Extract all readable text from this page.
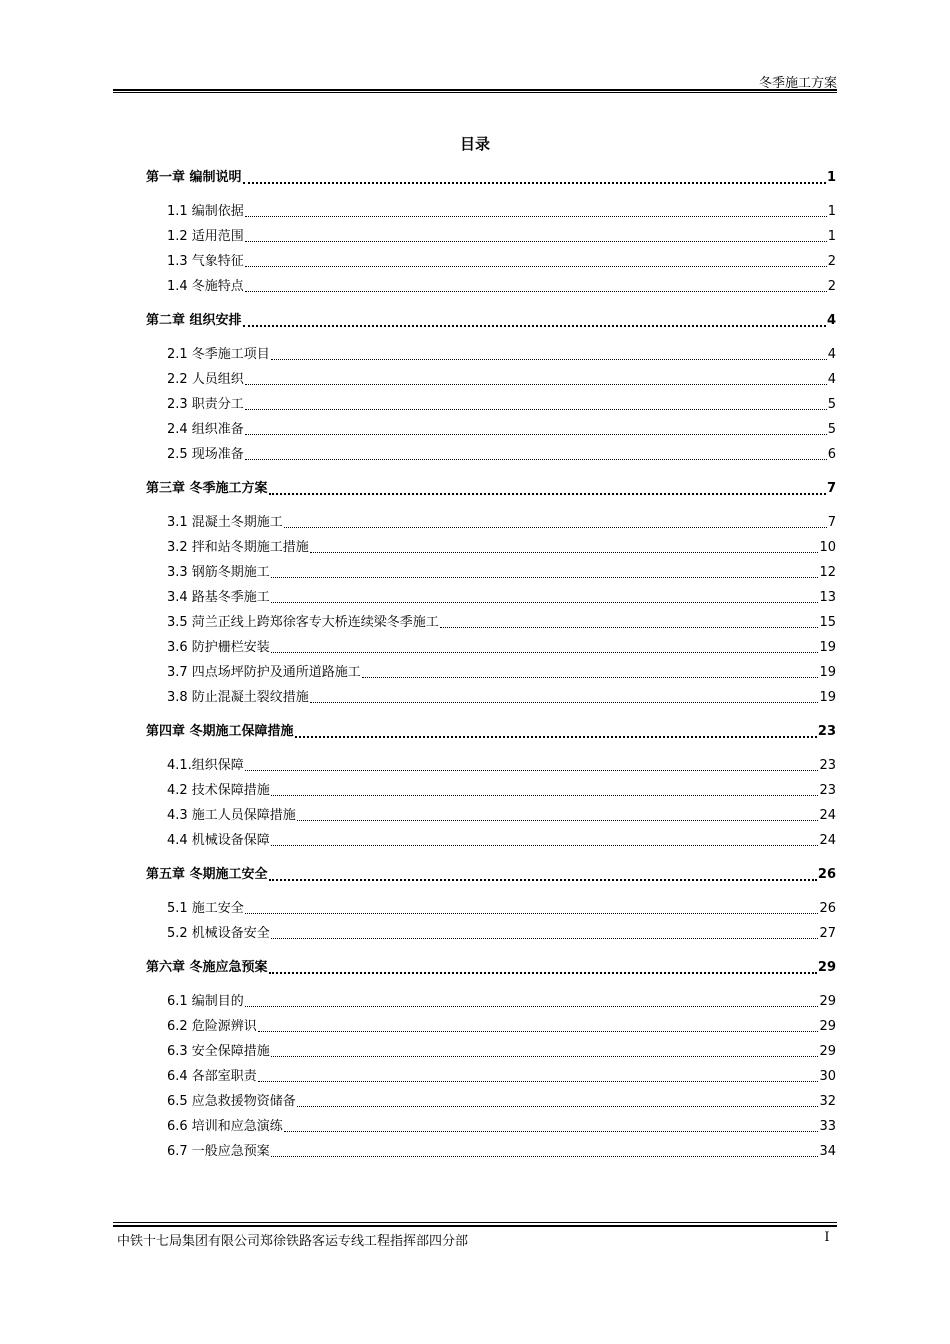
冬季施工方案
目录
第一章 编制说明	1
1.1 编制依据	1
1.2 适用范围	1
1.3 气象特征	2
1.4 冬施特点	2
第二章 组织安排	4
2.1 冬季施工项目	4
2.2 人员组织	4
2.3 职责分工	5
2.4 组织准备	5
2.5 现场准备	6
第三章 冬季施工方案	7
3.1 混凝土冬期施工	7
3.2 拌和站冬期施工措施	10
3.3 钢筋冬期施工	12
3.4 路基冬季施工	13
3.5 菏兰正线上跨郑徐客专大桥连续梁冬季施工	15
3.6 防护栅栏安装	19
3.7 四点场坪防护及通所道路施工	19
3.8 防止混凝土裂纹措施	19
第四章 冬期施工保障措施	23
4.1.组织保障	23
4.2 技术保障措施	23
4.3 施工人员保障措施	24
4.4 机械设备保障	24
第五章 冬期施工安全	26
5.1 施工安全	26
5.2 机械设备安全	27
第六章 冬施应急预案	29
6.1 编制目的	29
6.2 危险源辨识	29
6.3 安全保障措施	29
6.4 各部室职责	30
6.5 应急救援物资储备	32
6.6 培训和应急演练	33
6.7 一般应急预案	34
中铁十七局集团有限公司郑徐铁路客运专线工程指挥部四分部	I
